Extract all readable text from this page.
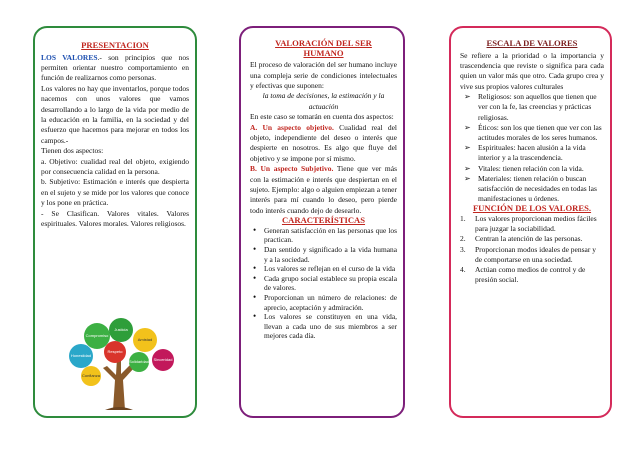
PRESENTACION

LOS VALORES.- son principios que nos permiten orientar nuestro comportamiento en función de realizarnos como personas.

Los valores no hay que inventarlos, porque todos nacemos con unos valores que vamos desarrollando a lo largo de la vida por medio de la educación en la familia, en la sociedad y del esfuerzo que hacemos para mejorar en todos los campos.-

Tienen dos aspectos:

a. Objetivo: cualidad real del objeto, exigiendo por consecuencia calidad en la persona.

b. Subjetivo: Estimación e interés que despierta en el sujeto y se mide por los valores que conoce y los pone en práctica.

- Se Clasifican. Valores vitales. Valores espirituales. Valores morales. Valores religiosos.

Compromiso
Justicia
Amistad
Honestidad
Sinceridad
Respeto
Solidaridad
Confianza
VALORACIÓN DEL SER
HUMANO

El proceso de valoración del ser humano incluye una compleja serie de condiciones intelectuales y efectivas que suponen:

la toma de decisiones, la estimación y la actuación

En este caso se tomarán en cuenta dos aspectos:

A. Un aspecto objetivo. Cualidad real del objeto, independiente del deseo o interés que despierte en nosotros. Es algo que fluye del objetivo y se impone por sí mismo.

B. Un aspecto Subjetivo. Tiene que ver más con la estimación e interés que despiertan en el sujeto. Ejemplo: algo o alguien empiezan a tener interés para mí cuando lo deseo, pero pierde todo interés cuando dejo de desearlo.

CARACTERÍSTICAS
• Generan satisfacción en las personas que los practican.
• Dan sentido y significado a la vida humana y a la sociedad.
• Los valores se reflejan en el curso de la vida
• Cada grupo social establece su propia escala de valores.
• Proporcionan un número de relaciones: de aprecio, aceptación y admiración.
• Los valores se constituyen en una vida, llevan a cada uno de sus miembros a ser mejores cada día.
ESCALA DE VALORES

Se refiere a la prioridad o la importancia y trascendencia que reviste o significa para cada quien un valor más que otro. Cada grupo crea y vive sus propios valores culturales

➢ Religiosos: son aquellos que tienen que ver con la fe, las creencias y prácticas religiosas.
➢ Éticos: son los que tienen que ver con las actitudes morales de los seres humanos.
➢ Espirituales: hacen alusión a la vida interior y a la trascendencia.
➢ Vitales: tienen relación con la vida.
➢ Materiales: tienen relación o buscan satisfacción de necesidades en todas las manifestaciones u órdenes.
FUNCIÓN DE LOS VALORES.
1. Los valores proporcionan medios fáciles para juzgar la sociabilidad.
2. Centran la atención de las personas.
3. Proporcionan modos ideales de pensar y de comportarse en una sociedad.
4. Actúan como medios de control y de presión social.
